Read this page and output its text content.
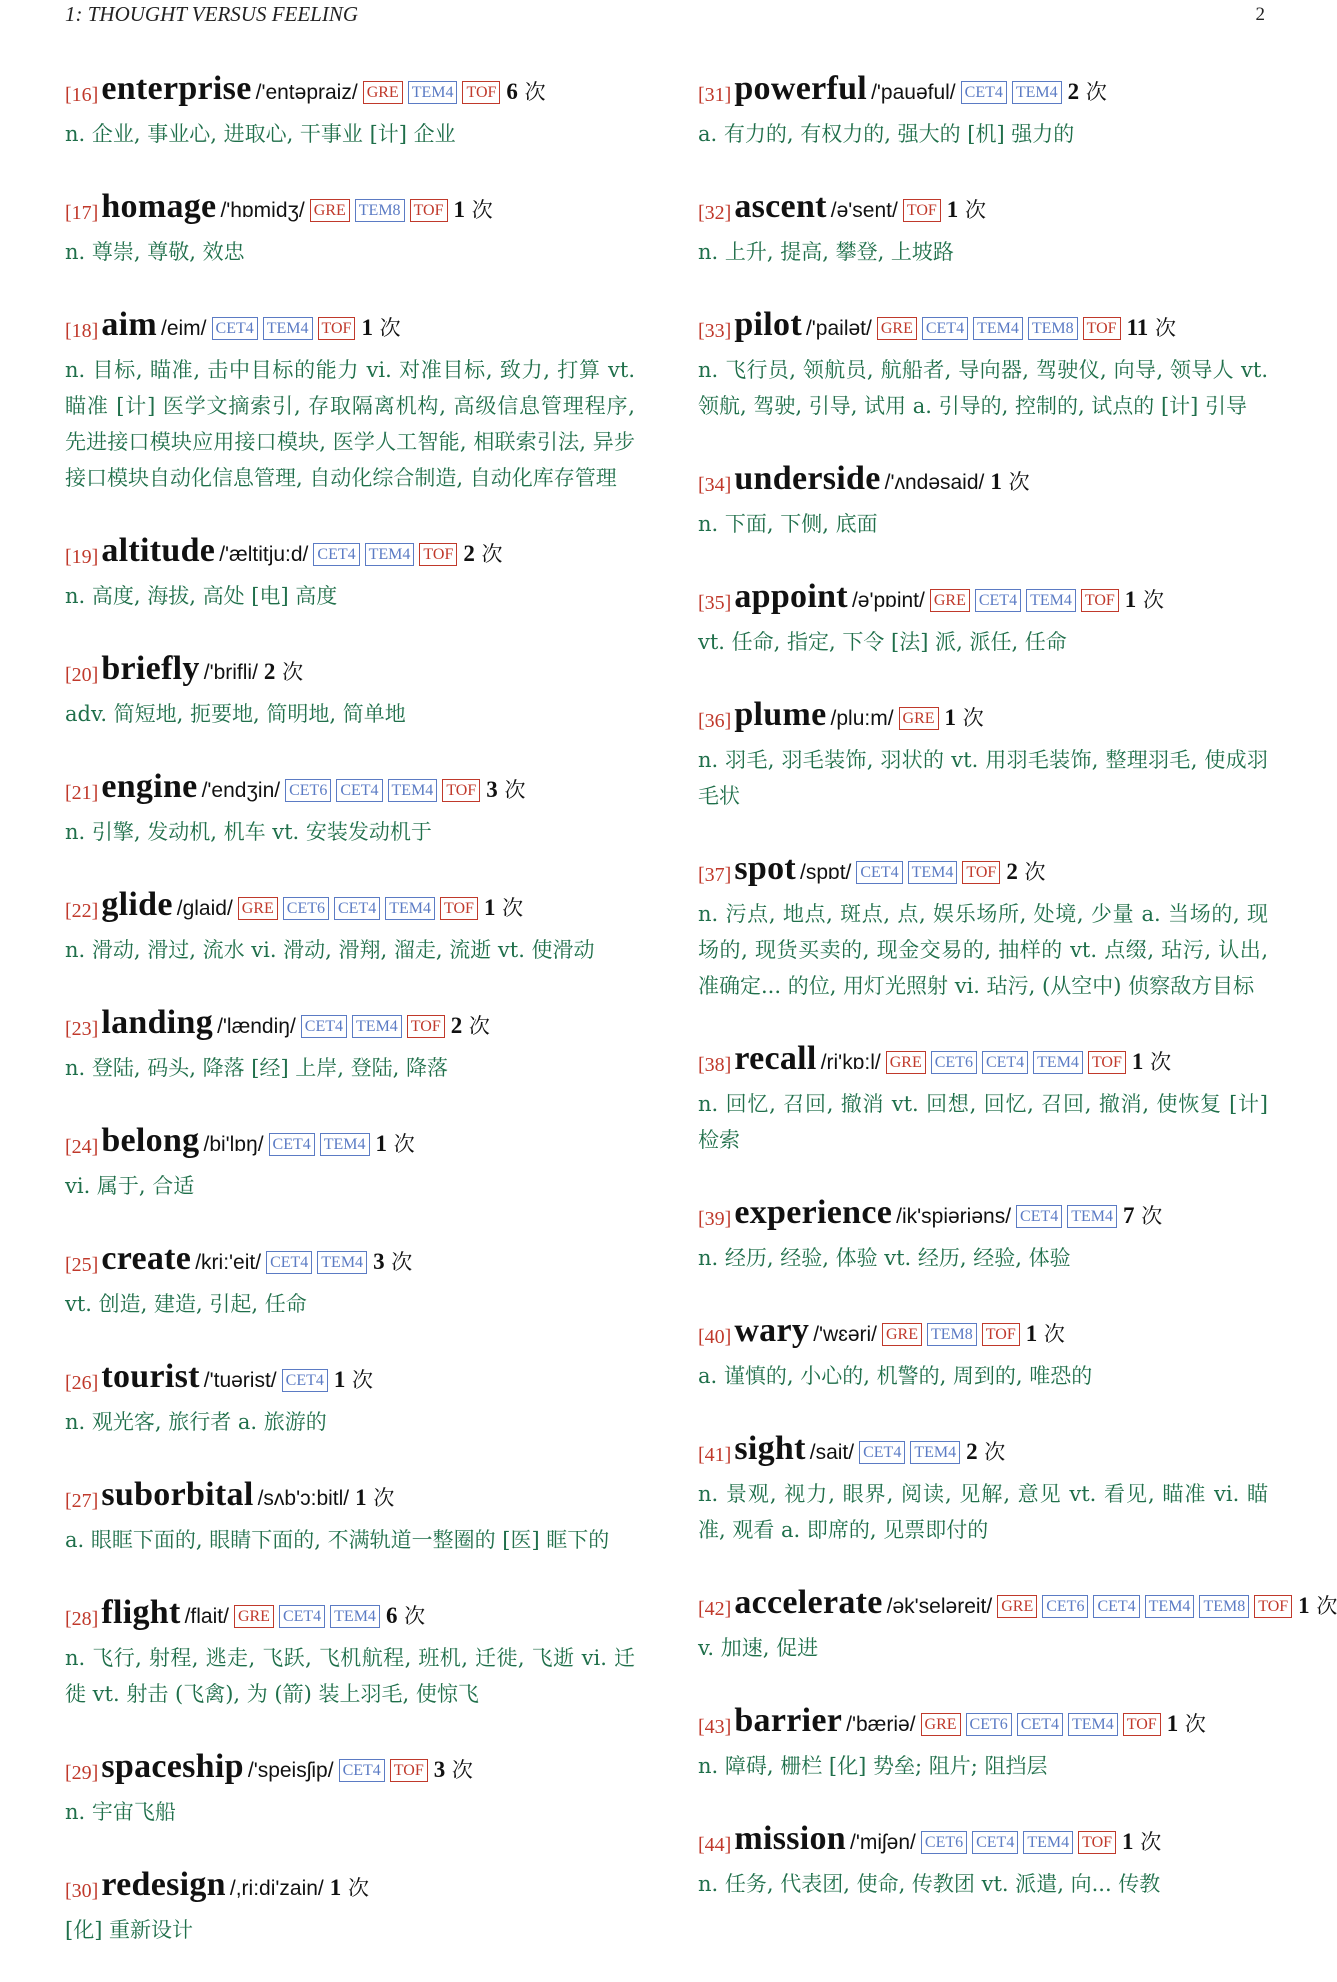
1: THOUGHT VERSUS FEELING	2
[16]enterprise /'entəpraiz/ GRE TEM4 TOF 6 次
n. 企业, 事业心, 进取心, 干事业 [计] 企业
[17]homage /'hɒmidʒ/ GRE TEM8 TOF 1 次
n. 尊崇, 尊敬, 效忠
[18]aim /eim/ CET4 TEM4 TOF 1 次
n. 目标, 瞄准, 击中目标的能力 vi. 对准目标, 致力, 打算 vt. 瞄准 [计] 医学文摘索引, 存取隔离机构, 高级信息管理程序, 先进接口模块应用接口模块, 医学人工智能, 相联索引法, 异步接口模块自动化信息管理, 自动化综合制造, 自动化库存管理
[19]altitude /'æltitju:d/ CET4 TEM4 TOF 2 次
n. 高度, 海拔, 高处 [电] 高度
[20]briefly /'brifli/ 2 次
adv. 简短地, 扼要地, 简明地, 简单地
[21]engine /'endʒin/ CET6 CET4 TEM4 TOF 3 次
n. 引擎, 发动机, 机车 vt. 安装发动机于
[22]glide /glaid/ GRE CET6 CET4 TEM4 TOF 1 次
n. 滑动, 滑过, 流水 vi. 滑动, 滑翔, 溜走, 流逝 vt. 使滑动
[23]landing /'lændiŋ/ CET4 TEM4 TOF 2 次
n. 登陆, 码头, 降落 [经] 上岸, 登陆, 降落
[24]belong /bi'lɒŋ/ CET4 TEM4 1 次
vi. 属于, 合适
[25]create /kri:'eit/ CET4 TEM4 3 次
vt. 创造, 建造, 引起, 任命
[26]tourist /'tuərist/ CET4 1 次
n. 观光客, 旅行者 a. 旅游的
[27]suborbital /sʌb'ɔ:bitl/ 1 次
a. 眼眶下面的, 眼睛下面的, 不满轨道一整圈的 [医] 眶下的
[28]flight /flait/ GRE CET4 TEM4 6 次
n. 飞行, 射程, 逃走, 飞跃, 飞机航程, 班机, 迁徙, 飞逝 vi. 迁徙 vt. 射击 (飞禽), 为 (箭) 装上羽毛, 使惊飞
[29]spaceship /'speisʃip/ CET4 TOF 3 次
n. 宇宙飞船
[30]redesign /,ri:di'zain/ 1 次
[化] 重新设计
[31]powerful /'pauəful/ CET4 TEM4 2 次
a. 有力的, 有权力的, 强大的 [机] 强力的
[32]ascent /ə'sent/ TOF 1 次
n. 上升, 提高, 攀登, 上坡路
[33]pilot /'pailət/ GRE CET4 TEM4 TEM8 TOF 11 次
n. 飞行员, 领航员, 航船者, 导向器, 驾驶仪, 向导, 领导人 vt. 领航, 驾驶, 引导, 试用 a. 引导的, 控制的, 试点的 [计] 引导
[34]underside /'ʌndəsaid/ 1 次
n. 下面, 下侧, 底面
[35]appoint /ə'pɒint/ GRE CET4 TEM4 TOF 1 次
vt. 任命, 指定, 下令 [法] 派, 派任, 任命
[36]plume /plu:m/ GRE 1 次
n. 羽毛, 羽毛装饰, 羽状的 vt. 用羽毛装饰, 整理羽毛, 使成羽毛状
[37]spot /spɒt/ CET4 TEM4 TOF 2 次
n. 污点, 地点, 斑点, 点, 娱乐场所, 处境, 少量 a. 当场的, 现场的, 现货买卖的, 现金交易的, 抽样的 vt. 点缀, 玷污, 认出, 准确定... 的位, 用灯光照射 vi. 玷污, (从空中) 侦察敌方目标
[38]recall /ri'kɒ:l/ GRE CET6 CET4 TEM4 TOF 1 次
n. 回忆, 召回, 撤消 vt. 回想, 回忆, 召回, 撤消, 使恢复 [计] 检索
[39]experience /ik'spiəriəns/ CET4 TEM4 7 次
n. 经历, 经验, 体验 vt. 经历, 经验, 体验
[40]wary /'wɛəri/ GRE TEM8 TOF 1 次
a. 谨慎的, 小心的, 机警的, 周到的, 唯恐的
[41]sight /sait/ CET4 TEM4 2 次
n. 景观, 视力, 眼界, 阅读, 见解, 意见 vt. 看见, 瞄准 vi. 瞄准, 观看 a. 即席的, 见票即付的
[42]accelerate /ək'seləreit/ GRE CET6 CET4 TEM4 TEM8 TOF 1 次
v. 加速, 促进
[43]barrier /'bæriə/ GRE CET6 CET4 TEM4 TOF 1 次
n. 障碍, 栅栏 [化] 势垒; 阻片; 阻挡层
[44]mission /'miʃən/ CET6 CET4 TEM4 TOF 1 次
n. 任务, 代表团, 使命, 传教团 vt. 派遣, 向... 传教
